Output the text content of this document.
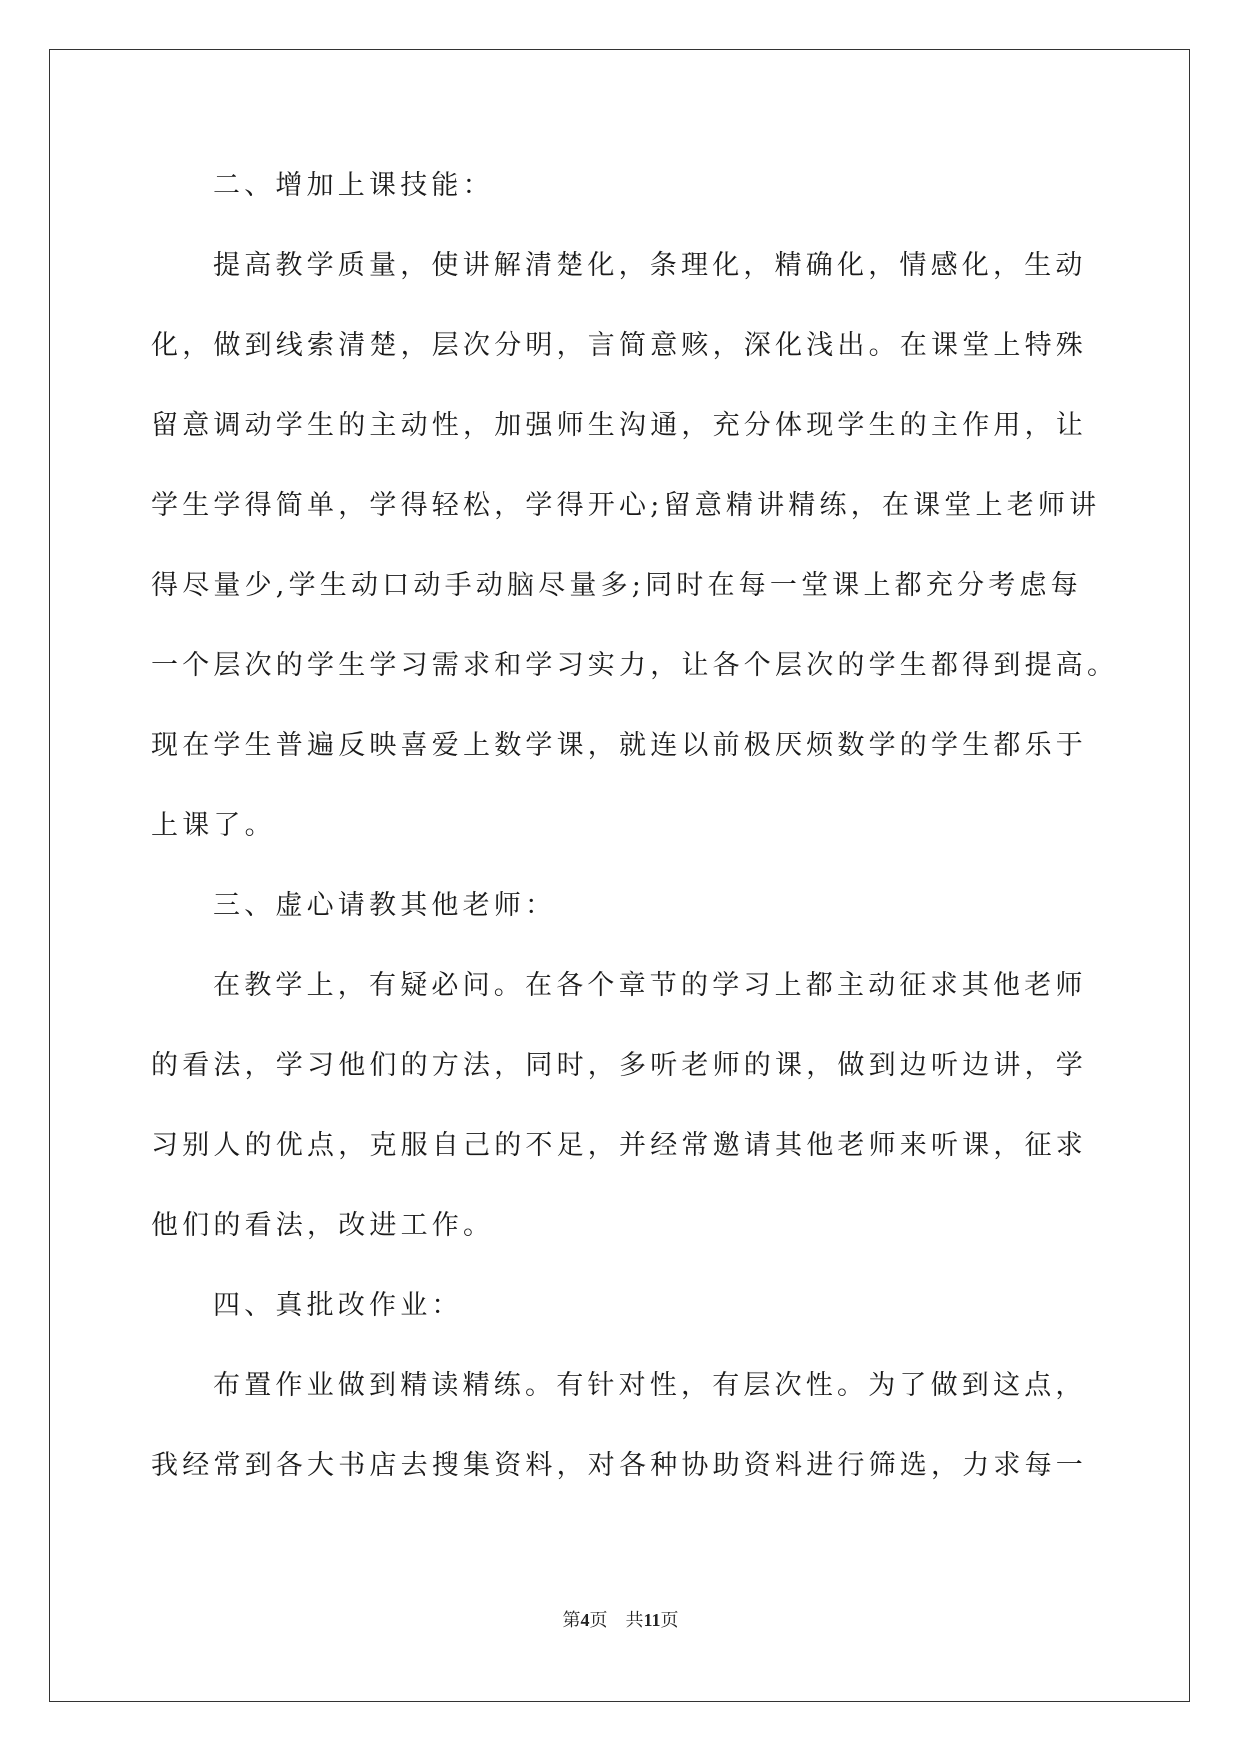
二、增加上课技能：
提高教学质量，使讲解清楚化，条理化，精确化，情感化，生动
化，做到线索清楚，层次分明，言简意赅，深化浅出。在课堂上特殊
留意调动学生的主动性，加强师生沟通，充分体现学生的主作用，让
学生学得简单，学得轻松，学得开心;留意精讲精练，在课堂上老师讲
得尽量少,学生动口动手动脑尽量多;同时在每一堂课上都充分考虑每
一个层次的学生学习需求和学习实力，让各个层次的学生都得到提高。
现在学生普遍反映喜爱上数学课，就连以前极厌烦数学的学生都乐于
上课了。
三、虚心请教其他老师：
在教学上，有疑必问。在各个章节的学习上都主动征求其他老师
的看法，学习他们的方法，同时，多听老师的课，做到边听边讲，学
习别人的优点，克服自己的不足，并经常邀请其他老师来听课，征求
他们的看法，改进工作。
四、真批改作业：
布置作业做到精读精练。有针对性，有层次性。为了做到这点，
我经常到各大书店去搜集资料，对各种协助资料进行筛选，力求每一
第4页 共11页
